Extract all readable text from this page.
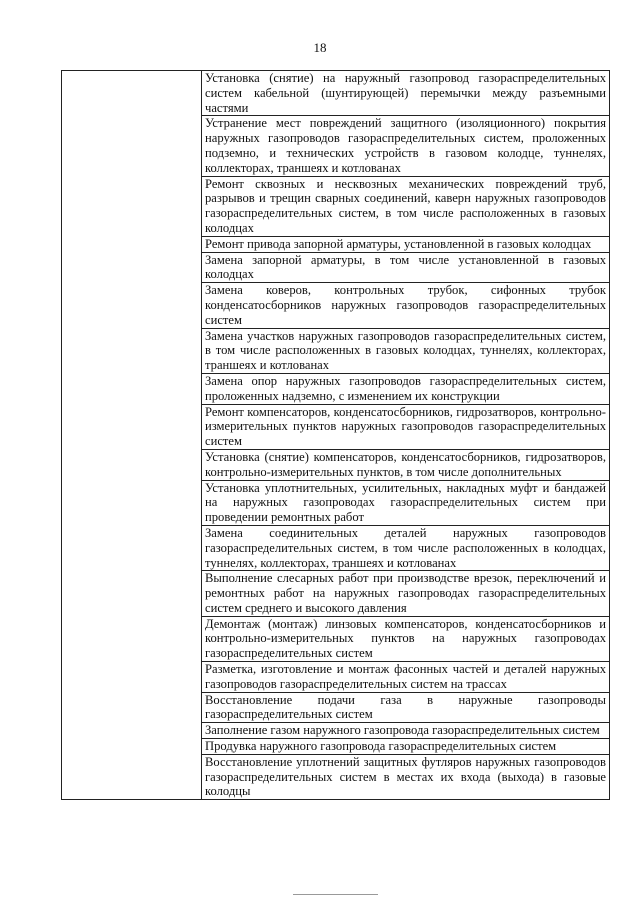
18
	Установка (снятие) на наружный газопровод газораспределительных систем кабельной (шунтирующей) перемычки между разъемными частями
Устранение мест повреждений защитного (изоляционного) покрытия наружных газопроводов газораспределительных систем, проложенных подземно, и технических устройств в газовом колодце, туннелях, коллекторах, траншеях и котлованах
Ремонт сквозных и несквозных механических повреждений труб, разрывов и трещин сварных соединений, каверн наружных газопроводов газораспределительных систем, в том числе расположенных в газовых колодцах
Ремонт привода запорной арматуры, установленной в газовых колодцах
Замена запорной арматуры, в том числе установленной в газовых колодцах
Замена ковеpов, контрольных трубок, сифонных трубок конденсатосборников наружных газопроводов газораспределительных систем
Замена участков наружных газопроводов газораспределительных систем, в том числе расположенных в газовых колодцах, туннелях, коллекторах, траншеях и котлованах
Замена опор наружных газопроводов газораспределительных систем, проложенных надземно, с изменением их конструкции
Ремонт компенсаторов, конденсатосборников, гидрозатворов, контрольно-измерительных пунктов наружных газопроводов газораспределительных систем
Установка (снятие) компенсаторов, конденсатосборников, гидрозатворов, контрольно-измерительных пунктов, в том числе дополнительных
Установка уплотнительных, усилительных, накладных муфт и бандажей на наружных газопроводах газораспределительных систем при проведении ремонтных работ
Замена соединительных деталей наружных газопроводов газораспределительных систем, в том числе расположенных в колодцах, туннелях, коллекторах, траншеях и котлованах
Выполнение слесарных работ при производстве врезок, переключений и ремонтных работ на наружных газопроводах газораспределительных систем среднего и высокого давления
Демонтаж (монтаж) линзовых компенсаторов, конденсатосборников и контрольно-измерительных пунктов на наружных газопроводах газораспределительных систем
Разметка, изготовление и монтаж фасонных частей и деталей наружных газопроводов газораспределительных систем на трассах
Восстановление подачи газа в наружные газопроводы газораспределительных систем
Заполнение газом наружного газопровода газораспределительных систем
Продувка наружного газопровода газораспределительных систем
Восстановление уплотнений защитных футляров наружных газопроводов газораспределительных систем в местах их входа (выхода) в газовые колодцы
